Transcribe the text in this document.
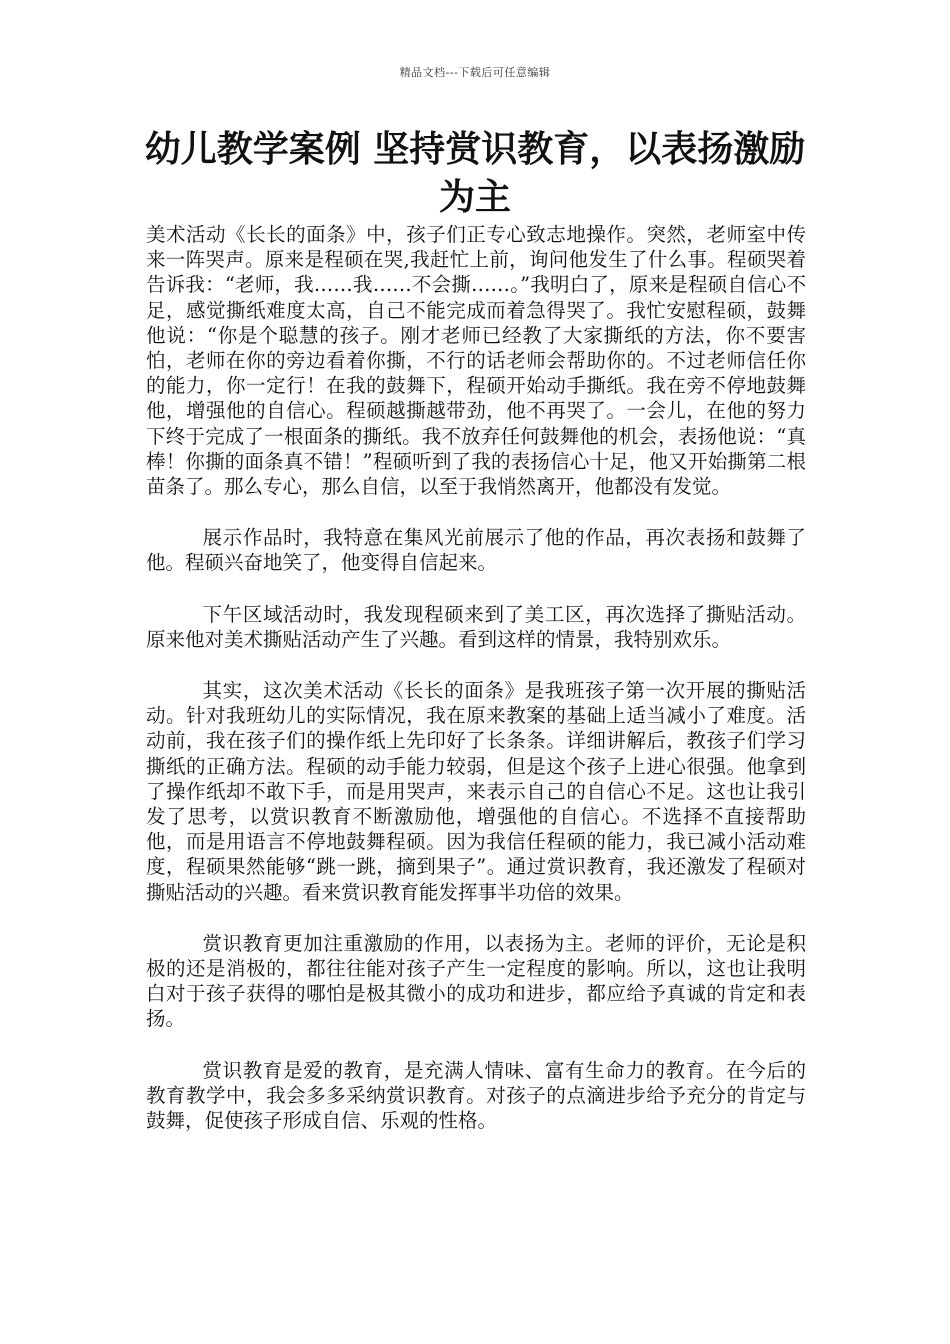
精品文档---下载后可任意编辑
幼儿教学案例 坚持赏识教育，以表扬激励为主

美术活动《长长的面条》中，孩子们正专心致志地操作。突然，老师室中传来一阵哭声。原来是程硕在哭,我赶忙上前，询问他发生了什么事。程硕哭着告诉我：“老师，我……我……不会撕……。”我明白了，原来是程硕自信心不足，感觉撕纸难度太高，自己不能完成而着急得哭了。我忙安慰程硕，鼓舞他说：“你是个聪慧的孩子。刚才老师已经教了大家撕纸的方法，你不要害怕，老师在你的旁边看着你撕，不行的话老师会帮助你的。不过老师信任你的能力，你一定行！在我的鼓舞下，程硕开始动手撕纸。我在旁不停地鼓舞他，增强他的自信心。程硕越撕越带劲，他不再哭了。一会儿，在他的努力下终于完成了一根面条的撕纸。我不放弃任何鼓舞他的机会，表扬他说：“真棒！你撕的面条真不错！”程硕听到了我的表扬信心十足，他又开始撕第二根苗条了。那么专心，那么自信，以至于我悄然离开，他都没有发觉。

展示作品时，我特意在集风光前展示了他的作品，再次表扬和鼓舞了他。程硕兴奋地笑了，他变得自信起来。

下午区域活动时，我发现程硕来到了美工区，再次选择了撕贴活动。原来他对美术撕贴活动产生了兴趣。看到这样的情景，我特别欢乐。

其实，这次美术活动《长长的面条》是我班孩子第一次开展的撕贴活动。针对我班幼儿的实际情况，我在原来教案的基础上适当减小了难度。活动前，我在孩子们的操作纸上先印好了长条条。详细讲解后，教孩子们学习撕纸的正确方法。程硕的动手能力较弱，但是这个孩子上进心很强。他拿到了操作纸却不敢下手，而是用哭声，来表示自己的自信心不足。这也让我引发了思考，以赏识教育不断激励他，增强他的自信心。不选择不直接帮助他，而是用语言不停地鼓舞程硕。因为我信任程硕的能力，我已减小活动难度，程硕果然能够“跳一跳，摘到果子”。通过赏识教育，我还激发了程硕对撕贴活动的兴趣。看来赏识教育能发挥事半功倍的效果。

赏识教育更加注重激励的作用，以表扬为主。老师的评价，无论是积极的还是消极的，都往往能对孩子产生一定程度的影响。所以，这也让我明白对于孩子获得的哪怕是极其微小的成功和进步，都应给予真诚的肯定和表扬。

赏识教育是爱的教育，是充满人情味、富有生命力的教育。在今后的教育教学中，我会多多采纳赏识教育。对孩子的点滴进步给予充分的肯定与鼓舞，促使孩子形成自信、乐观的性格。
